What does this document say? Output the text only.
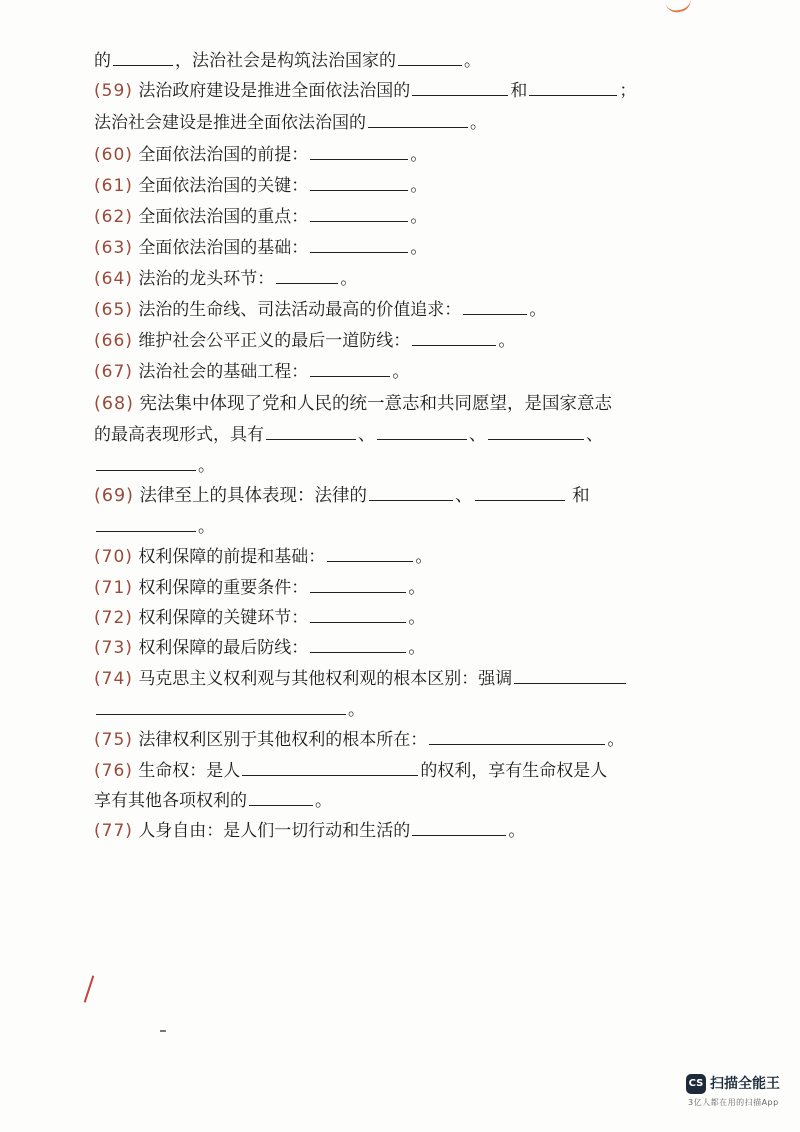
的	，法治社会是构筑法治国家的	。
(59) 法治政府建设是推进全面依法治国的	和	；
法治社会建设是推进全面依法治国的	。
(60) 全面依法治国的前提：	。
(61) 全面依法治国的关键：	。
(62) 全面依法治国的重点：	。
(63) 全面依法治国的基础：	。
(64) 法治的龙头环节：	。
(65) 法治的生命线、司法活动最高的价值追求：	。
(66) 维护社会公平正义的最后一道防线：	。
(67) 法治社会的基础工程：	。
(68) 宪法集中体现了党和人民的统一意志和共同愿望，是国家意志
的最高表现形式，具有	、	、	、
。
(69) 法律至上的具体表现：法律的	、	和
。
(70) 权利保障的前提和基础：	。
(71) 权利保障的重要条件：	。
(72) 权利保障的关键环节：	。
(73) 权利保障的最后防线：	。
(74) 马克思主义权利观与其他权利观的根本区别：强调
。
(75) 法律权利区别于其他权利的根本所在：	。
(76) 生命权：是人	的权利，享有生命权是人
享有其他各项权利的	。
(77) 人身自由：是人们一切行动和生活的	。
CS 扫描全能王
3亿人都在用的扫描App
